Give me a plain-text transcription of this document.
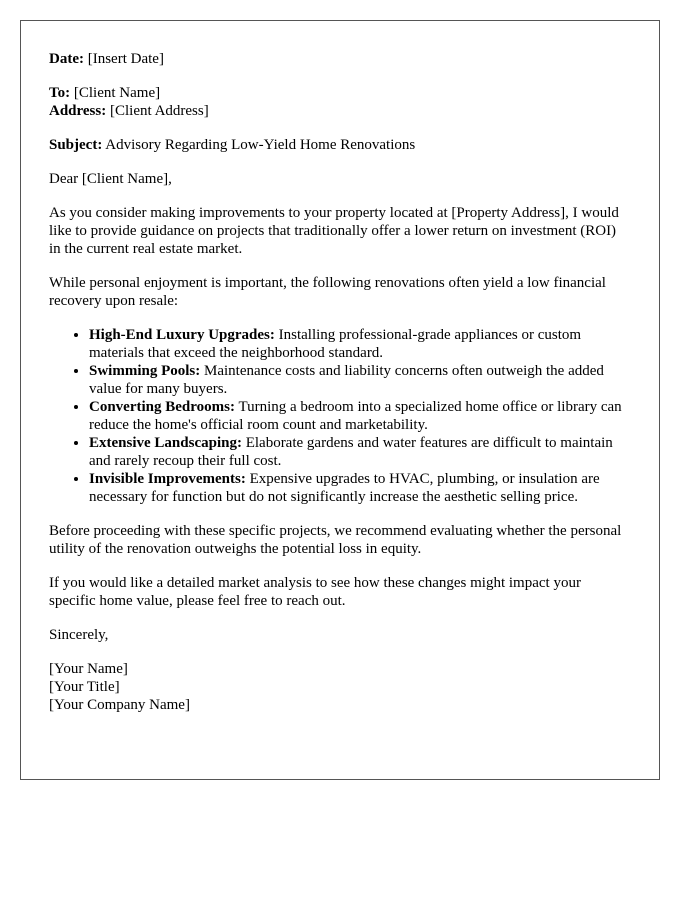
Date: [Insert Date]

To: [Client Name]

Address: [Client Address]

Subject: Advisory Regarding Low-Yield Home Renovations

Dear [Client Name],

As you consider making improvements to your property located at [Property Address], I would like to provide guidance on projects that traditionally offer a lower return on investment (ROI) in the current real estate market.

While personal enjoyment is important, the following renovations often yield a low financial recovery upon resale:

• High-End Luxury Upgrades: Installing professional-grade appliances or custom materials that exceed the neighborhood standard.
• Swimming Pools: Maintenance costs and liability concerns often outweigh the added value for many buyers.
• Converting Bedrooms: Turning a bedroom into a specialized home office or library can reduce the home's official room count and marketability.
• Extensive Landscaping: Elaborate gardens and water features are difficult to maintain and rarely recoup their full cost.
• Invisible Improvements: Expensive upgrades to HVAC, plumbing, or insulation are necessary for function but do not significantly increase the aesthetic selling price.

Before proceeding with these specific projects, we recommend evaluating whether the personal utility of the renovation outweighs the potential loss in equity.

If you would like a detailed market analysis to see how these changes might impact your specific home value, please feel free to reach out.

Sincerely,

[Your Name]

[Your Title]

[Your Company Name]
